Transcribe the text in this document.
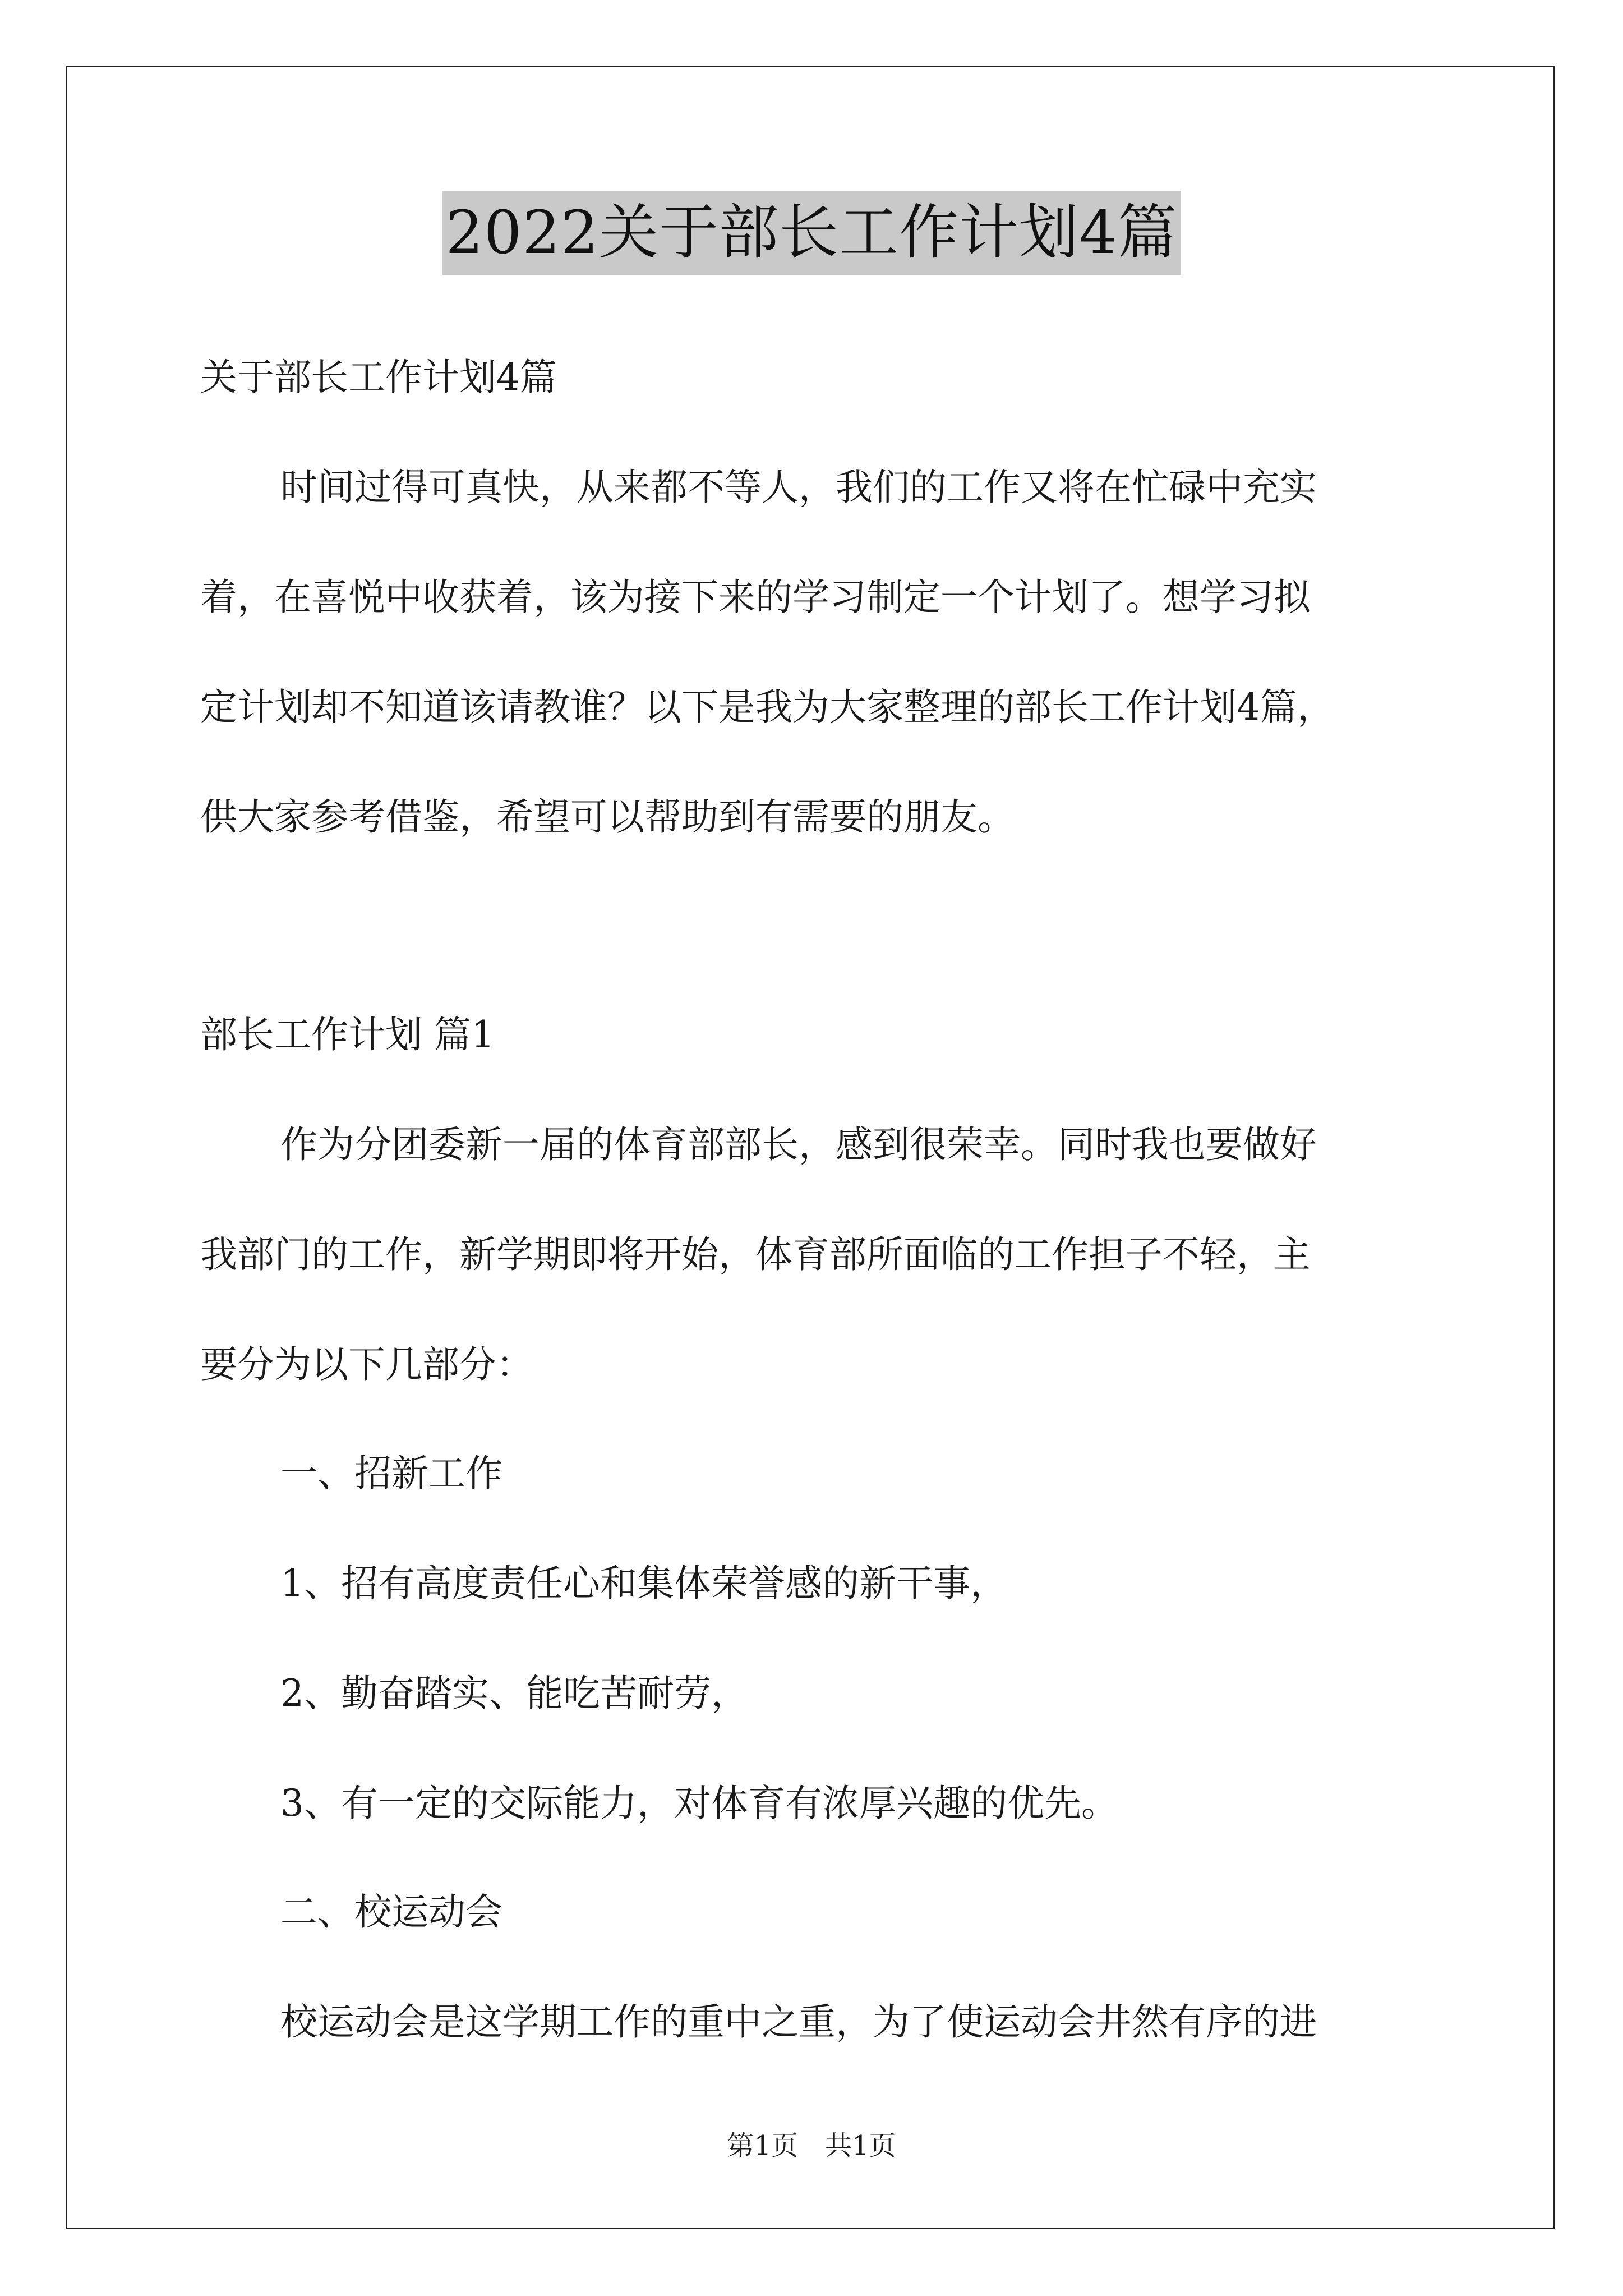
2022关于部长工作计划4篇
关于部长工作计划4篇
时间过得可真快，从来都不等人，我们的工作又将在忙碌中充实
着，在喜悦中收获着，该为接下来的学习制定一个计划了。想学习拟
定计划却不知道该请教谁？以下是我为大家整理的部长工作计划4篇，
供大家参考借鉴，希望可以帮助到有需要的朋友。
部长工作计划 篇1
作为分团委新一届的体育部部长，感到很荣幸。同时我也要做好
我部门的工作，新学期即将开始，体育部所面临的工作担子不轻，主
要分为以下几部分：
一、招新工作
1、招有高度责任心和集体荣誉感的新干事，
2、勤奋踏实、能吃苦耐劳，
3、有一定的交际能力，对体育有浓厚兴趣的优先。
二、校运动会
校运动会是这学期工作的重中之重，为了使运动会井然有序的进
第1页　共1页
